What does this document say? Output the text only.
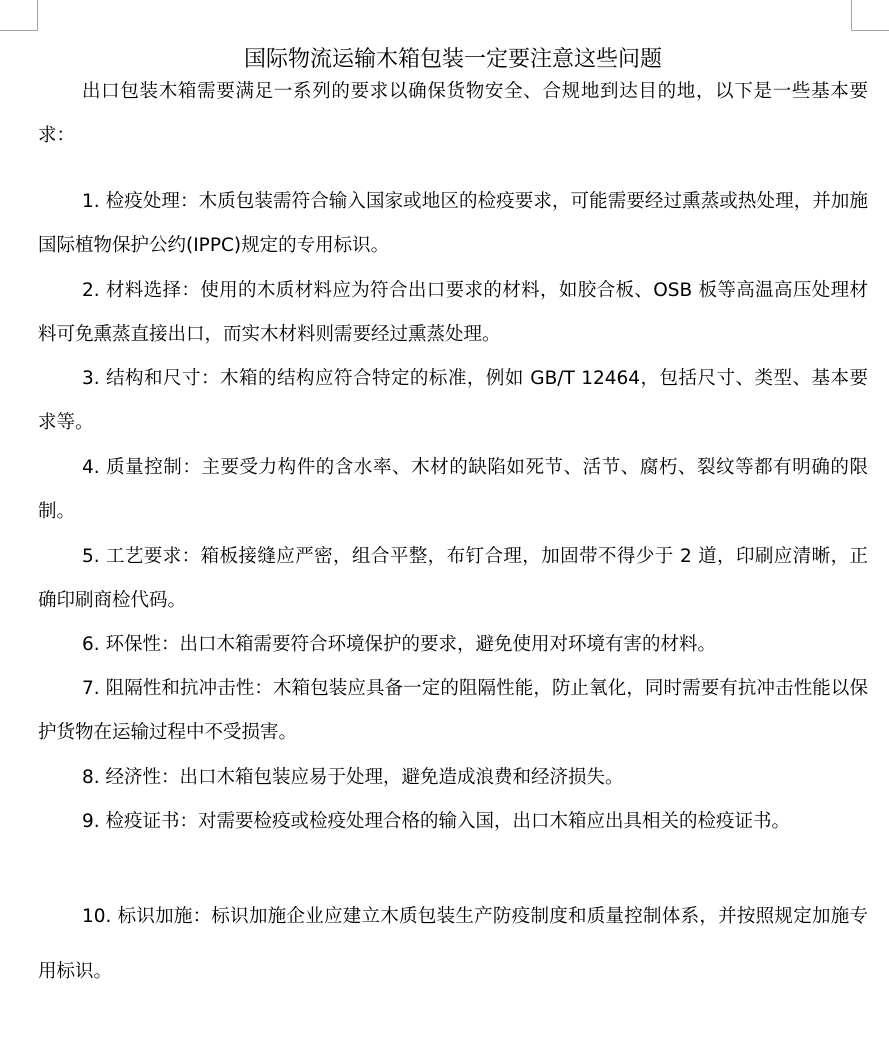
国际物流运输木箱包装一定要注意这些问题

出口包装木箱需要满足一系列的要求以确保货物安全、合规地到达目的地，以下是一些基本要求：

1. 检疫处理：木质包装需符合输入国家或地区的检疫要求，可能需要经过熏蒸或热处理，并加施国际植物保护公约(IPPC)规定的专用标识。

2. 材料选择：使用的木质材料应为符合出口要求的材料，如胶合板、OSB 板等高温高压处理材料可免熏蒸直接出口，而实木材料则需要经过熏蒸处理。

3. 结构和尺寸：木箱的结构应符合特定的标准，例如 GB/T 12464，包括尺寸、类型、基本要求等。

4. 质量控制：主要受力构件的含水率、木材的缺陷如死节、活节、腐朽、裂纹等都有明确的限制。

5. 工艺要求：箱板接缝应严密，组合平整，布钉合理，加固带不得少于 2 道，印刷应清晰，正确印刷商检代码。

6. 环保性：出口木箱需要符合环境保护的要求，避免使用对环境有害的材料。

7. 阻隔性和抗冲击性：木箱包装应具备一定的阻隔性能，防止氧化，同时需要有抗冲击性能以保护货物在运输过程中不受损害。

8. 经济性：出口木箱包装应易于处理，避免造成浪费和经济损失。

9. 检疫证书：对需要检疫或检疫处理合格的输入国，出口木箱应出具相关的检疫证书。

10. 标识加施：标识加施企业应建立木质包装生产防疫制度和质量控制体系，并按照规定加施专用标识。
